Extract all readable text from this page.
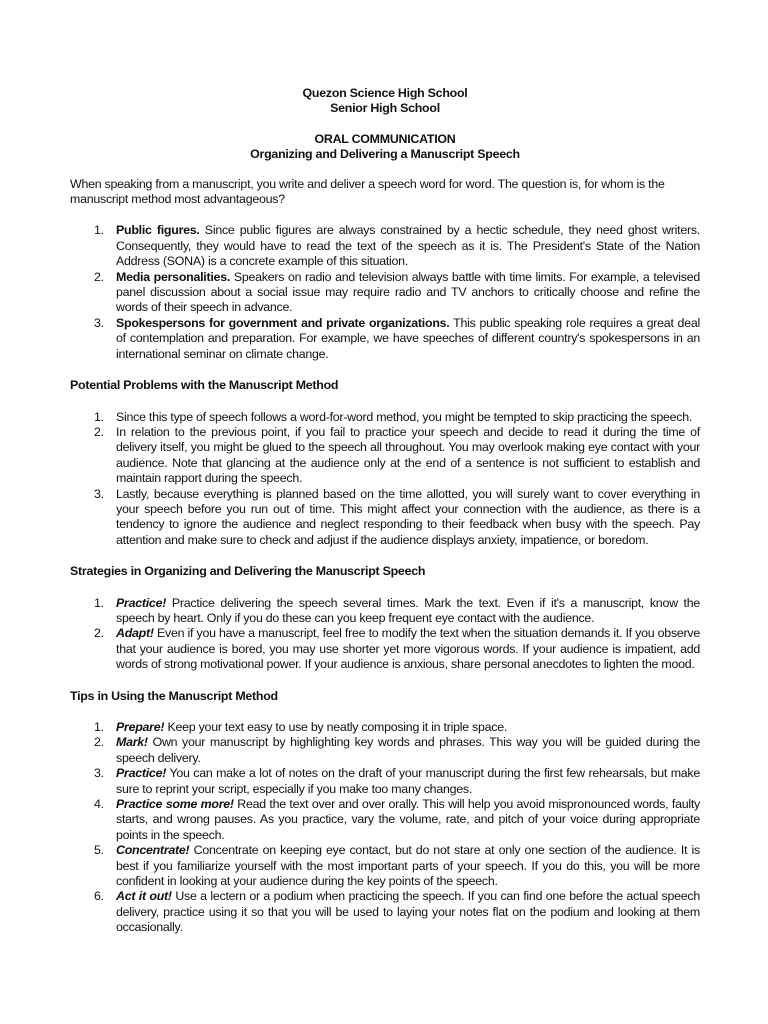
Quezon Science High School
Senior High School
ORAL COMMUNICATION
Organizing and Delivering a Manuscript Speech

When speaking from a manuscript, you write and deliver a speech word for word. The question is, for whom is the manuscript method most advantageous?

1. Public figures. Since public figures are always constrained by a hectic schedule, they need ghost writers. Consequently, they would have to read the text of the speech as it is. The President's State of the Nation Address (SONA) is a concrete example of this situation.
2. Media personalities. Speakers on radio and television always battle with time limits. For example, a televised panel discussion about a social issue may require radio and TV anchors to critically choose and refine the words of their speech in advance.
3. Spokespersons for government and private organizations. This public speaking role requires a great deal of contemplation and preparation. For example, we have speeches of different country's spokespersons in an international seminar on climate change.
Potential Problems with the Manuscript Method
1. Since this type of speech follows a word-for-word method, you might be tempted to skip practicing the speech.
2. In relation to the previous point, if you fail to practice your speech and decide to read it during the time of delivery itself, you might be glued to the speech all throughout. You may overlook making eye contact with your audience. Note that glancing at the audience only at the end of a sentence is not sufficient to establish and maintain rapport during the speech.
3. Lastly, because everything is planned based on the time allotted, you will surely want to cover everything in your speech before you run out of time. This might affect your connection with the audience, as there is a tendency to ignore the audience and neglect responding to their feedback when busy with the speech. Pay attention and make sure to check and adjust if the audience displays anxiety, impatience, or boredom.
Strategies in Organizing and Delivering the Manuscript Speech
1. Practice! Practice delivering the speech several times. Mark the text. Even if it's a manuscript, know the speech by heart. Only if you do these can you keep frequent eye contact with the audience.
2. Adapt! Even if you have a manuscript, feel free to modify the text when the situation demands it. If you observe that your audience is bored, you may use shorter yet more vigorous words. If your audience is impatient, add words of strong motivational power. If your audience is anxious, share personal anecdotes to lighten the mood.
Tips in Using the Manuscript Method
1. Prepare! Keep your text easy to use by neatly composing it in triple space.
2. Mark! Own your manuscript by highlighting key words and phrases. This way you will be guided during the speech delivery.
3. Practice! You can make a lot of notes on the draft of your manuscript during the first few rehearsals, but make sure to reprint your script, especially if you make too many changes.
4. Practice some more! Read the text over and over orally. This will help you avoid mispronounced words, faulty starts, and wrong pauses. As you practice, vary the volume, rate, and pitch of your voice during appropriate points in the speech.
5. Concentrate! Concentrate on keeping eye contact, but do not stare at only one section of the audience. It is best if you familiarize yourself with the most important parts of your speech. If you do this, you will be more confident in looking at your audience during the key points of the speech.
6. Act it out! Use a lectern or a podium when practicing the speech. If you can find one before the actual speech delivery, practice using it so that you will be used to laying your notes flat on the podium and looking at them occasionally.
